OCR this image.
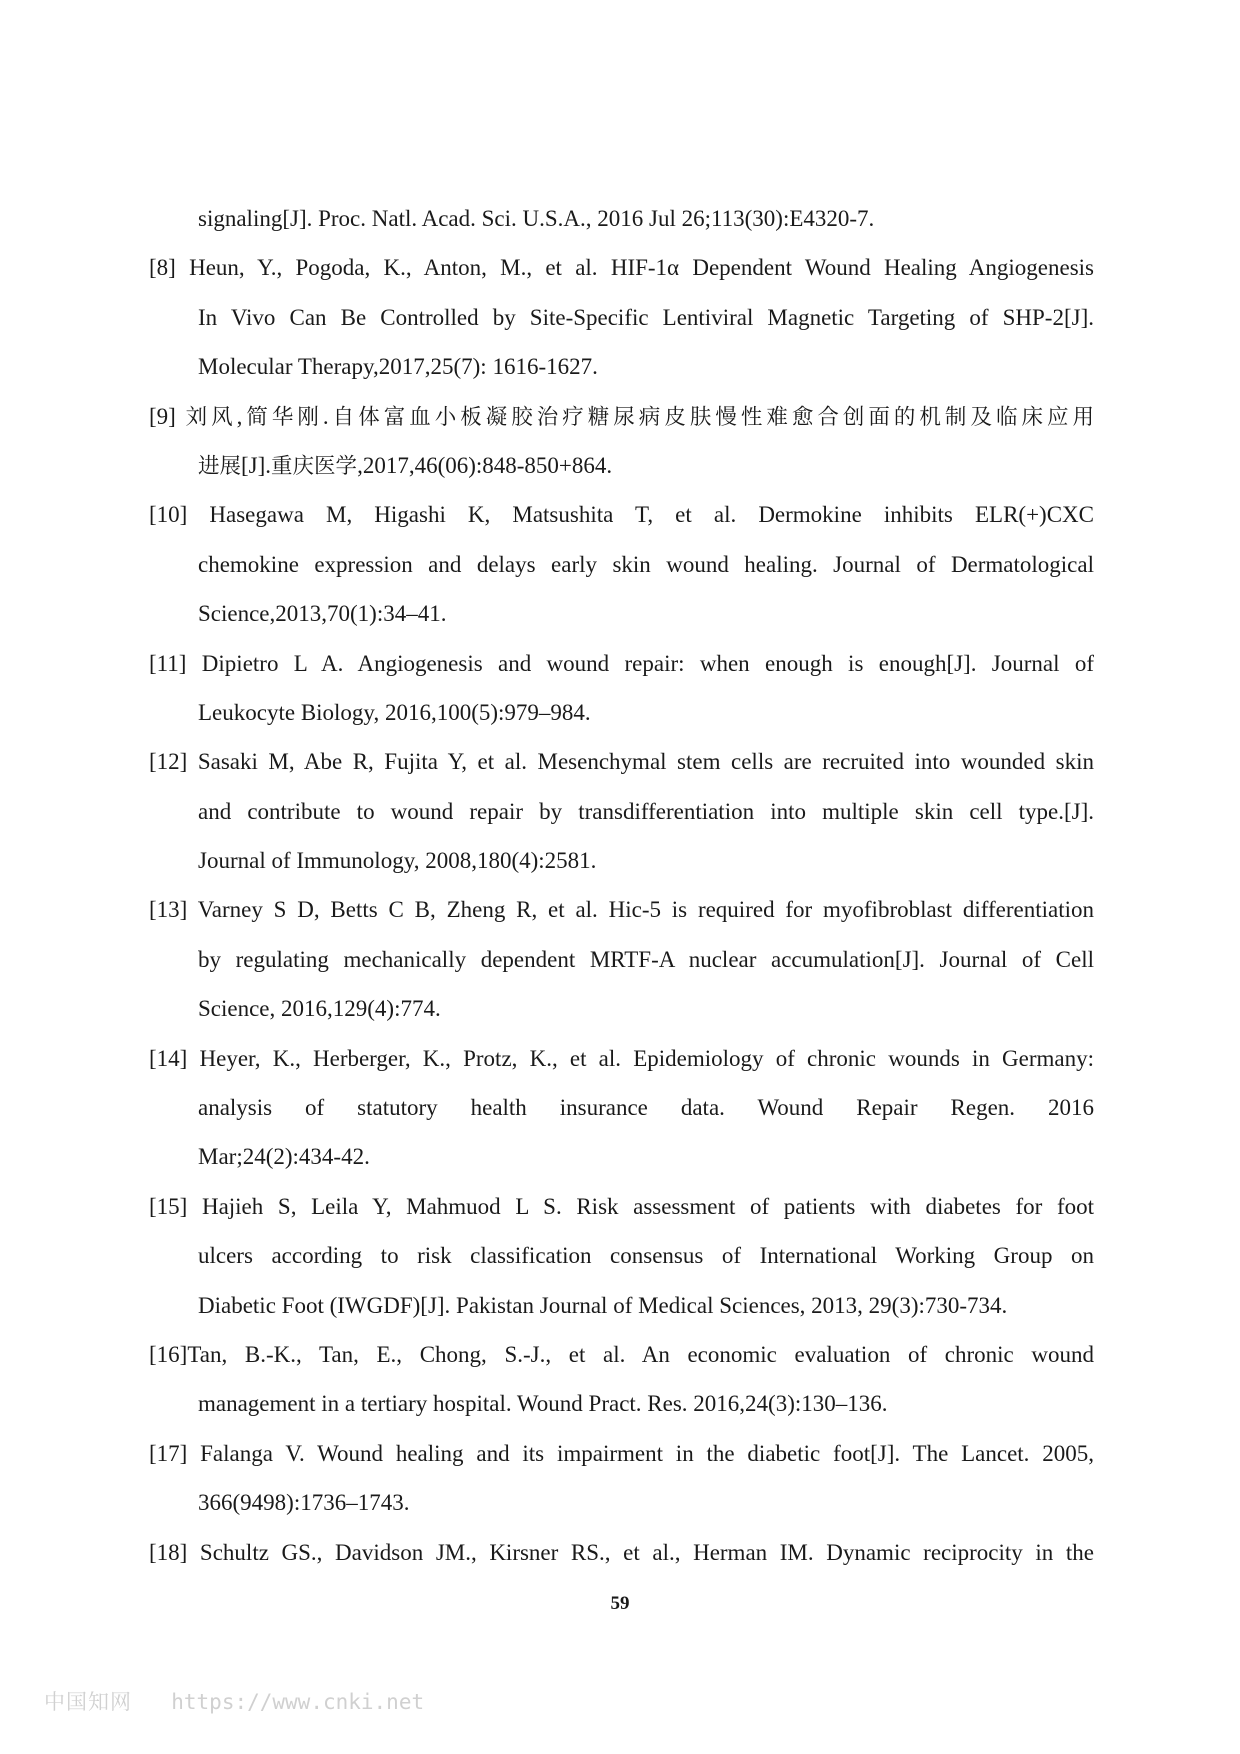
signaling[J]. Proc. Natl. Acad. Sci. U.S.A., 2016 Jul 26;113(30):E4320-7.
[8] Heun, Y., Pogoda, K., Anton, M., et al. HIF-1α Dependent Wound Healing Angiogenesis
In Vivo Can Be Controlled by Site-Specific Lentiviral Magnetic Targeting of SHP-2[J].
Molecular Therapy,2017,25(7): 1616-1627.
[9] 刘风,简华刚.自体富血小板凝胶治疗糖尿病皮肤慢性难愈合创面的机制及临床应用
进展[J].重庆医学,2017,46(06):848-850+864.
[10] Hasegawa M, Higashi K, Matsushita T, et al. Dermokine inhibits ELR(+)CXC
chemokine expression and delays early skin wound healing. Journal of Dermatological
Science,2013,70(1):34–41.
[11] Dipietro L A. Angiogenesis and wound repair: when enough is enough[J]. Journal of
Leukocyte Biology, 2016,100(5):979–984.
[12] Sasaki M, Abe R, Fujita Y, et al. Mesenchymal stem cells are recruited into wounded skin
and contribute to wound repair by transdifferentiation into multiple skin cell type.[J].
Journal of Immunology, 2008,180(4):2581.
[13] Varney S D, Betts C B, Zheng R, et al. Hic-5 is required for myofibroblast differentiation
by regulating mechanically dependent MRTF-A nuclear accumulation[J]. Journal of Cell
Science, 2016,129(4):774.
[14] Heyer, K., Herberger, K., Protz, K., et al. Epidemiology of chronic wounds in Germany:
analysis of statutory health insurance data. Wound Repair Regen. 2016
Mar;24(2):434-42.
[15] Hajieh S, Leila Y, Mahmuod L S. Risk assessment of patients with diabetes for foot
ulcers according to risk classification consensus of International Working Group on
Diabetic Foot (IWGDF)[J]. Pakistan Journal of Medical Sciences, 2013, 29(3):730-734.
[16]Tan, B.-K., Tan, E., Chong, S.-J., et al. An economic evaluation of chronic wound
management in a tertiary hospital. Wound Pract. Res. 2016,24(3):130–136.
[17] Falanga V. Wound healing and its impairment in the diabetic foot[J]. The Lancet. 2005,
366(9498):1736–1743.
[18] Schultz GS., Davidson JM., Kirsner RS., et al., Herman IM. Dynamic reciprocity in the
59
中国知网 https://www.cnki.net
